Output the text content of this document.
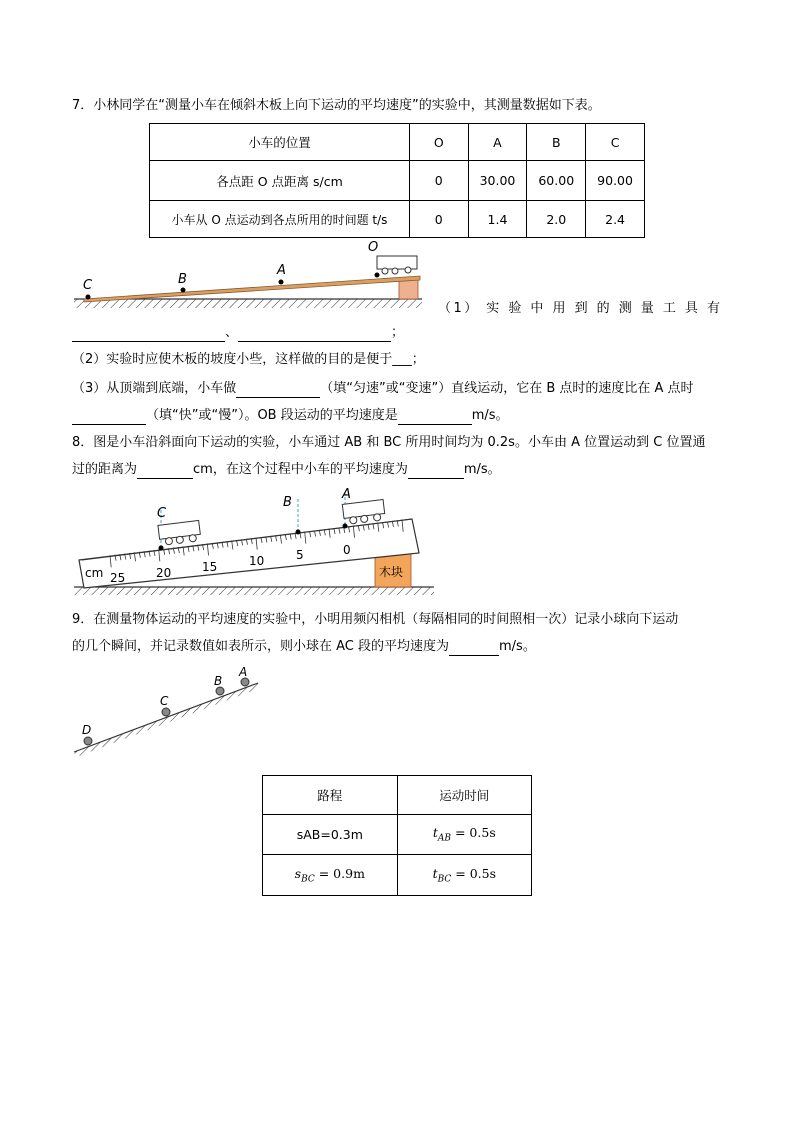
7．小林同学在“测量小车在倾斜木板上向下运动的平均速度”的实验中，其测量数据如下表。
小车的位置	O	A	B	C
各点距 O 点距离 s/cm	0	30.00	60.00	90.00
小车从 O 点运动到各点所用的时间题 t/s	0	1.4	2.0	2.4
C	B
A
O
（1） 实 验 中 用 到 的 测 量 工 具 有
、	；
（2）实验时应使木板的坡度小些，这样做的目的是便于___；
（3）从顶端到底端，小车做	（填“匀速”或“变速”）直线运动，它在 B 点时的速度比在 A 点时
（填“快”或“慢”）。OB 段运动的平均速度是	m/s。
8．图是小车沿斜面向下运动的实验，小车通过 AB 和 BC 所用时间均为 0.2s。小车由 A 位置运动到 C 位置通
过的距离为	cm，在这个过程中小车的平均速度为	m/s。
木块
cm 25	20	15	10	5	0
C
B
A
9．在测量物体运动的平均速度的实验中，小明用频闪相机（每隔相同的时间照相一次）记录小球向下运动
的几个瞬间，并记录数值如表所示，则小球在 AC 段的平均速度为	m/s。
D
C
B
A
路程	运动时间
sAB=0.3m	$t_{AB} = 0.5s$
$s_{BC} = 0.9m$	$t_{BC} = 0.5s$
